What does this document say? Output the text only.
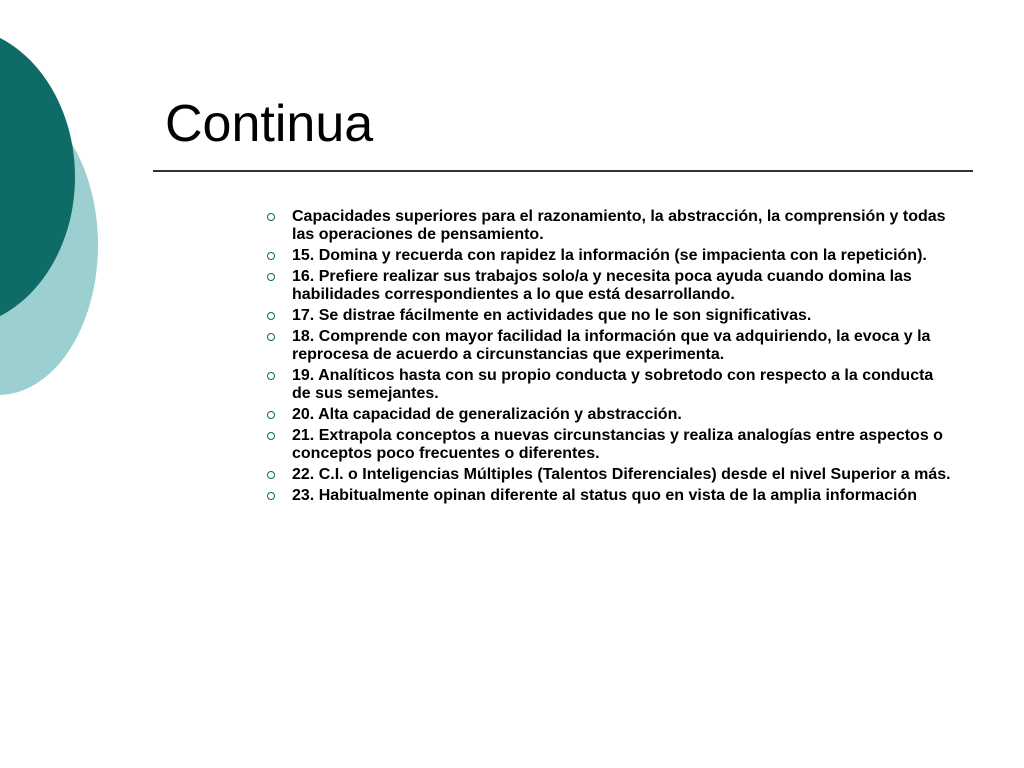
Continua
Capacidades superiores para el razonamiento, la abstracción, la comprensión y todas las operaciones de pensamiento.
15. Domina y recuerda con rapidez la información (se impacienta con la repetición).
16. Prefiere realizar sus trabajos solo/a y necesita poca ayuda cuando domina las habilidades correspondientes a lo que está desarrollando.
17. Se distrae fácilmente en actividades que no le son significativas.
18. Comprende con mayor facilidad la información que va adquiriendo, la evoca y la reprocesa de acuerdo a circunstancias que experimenta.
19. Analíticos hasta con su propio conducta y sobretodo con respecto a la conducta de sus semejantes.
20. Alta capacidad de generalización y abstracción.
21. Extrapola conceptos a nuevas circunstancias y realiza analogías entre aspectos o conceptos poco frecuentes o diferentes.
22. C.I. o Inteligencias Múltiples (Talentos Diferenciales) desde el nivel Superior a más.
23. Habitualmente opinan diferente al status quo en vista de la amplia información
